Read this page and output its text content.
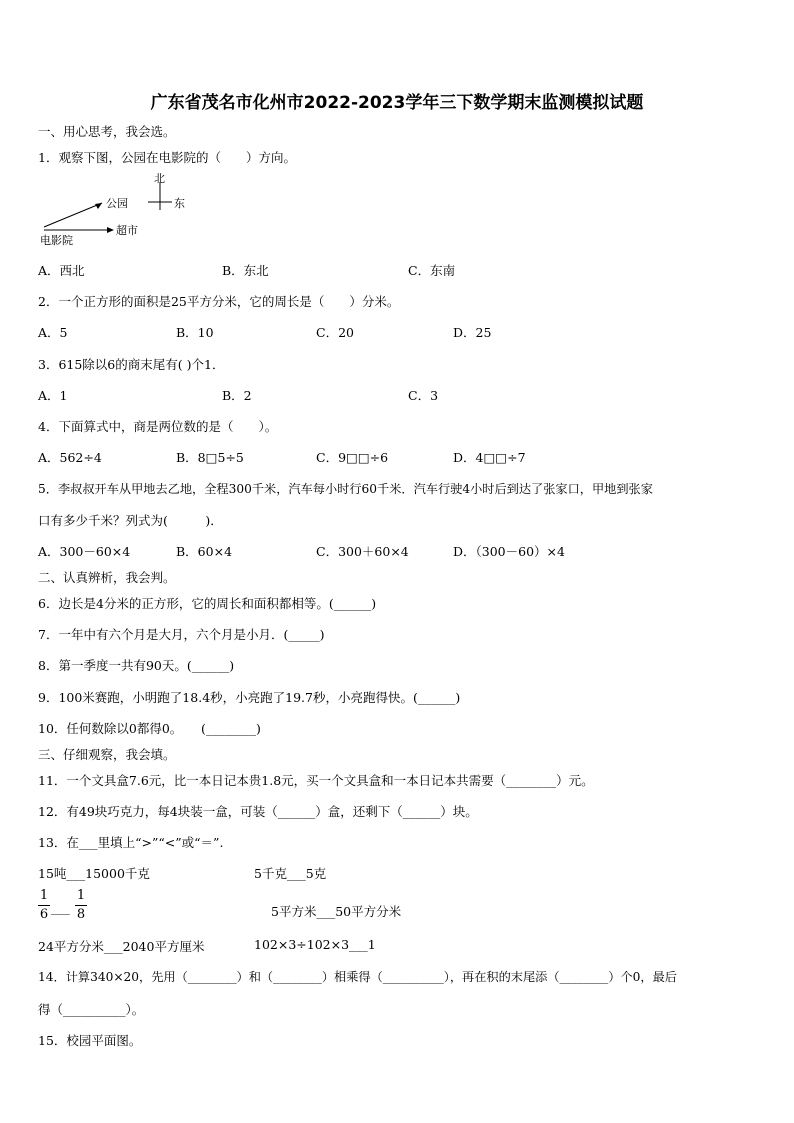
广东省茂名市化州市2022-2023学年三下数学期末监测模拟试题
一、用心思考，我会选。
1．观察下图，公园在电影院的（　　）方向。
北
东
公园
超市
电影院
A．西北	B．东北	C．东南
2．一个正方形的面积是25平方分米，它的周长是（　　）分米。
A．5	B．10	C．20	D．25
3．615除以6的商末尾有( )个1．
A．1	B．2	C．3
4．下面算式中，商是两位数的是（　　）。
A．562÷4	B．8□5÷5	C．9□□÷6	D．4□□÷7
5．李叔叔开车从甲地去乙地，全程300千米，汽车每小时行60千米．汽车行驶4小时后到达了张家口，甲地到张家
口有多少千米？列式为(　　　)．
A．300－60×4	B．60×4	C．300＋60×4	D．（300－60）×4
二、认真辨析，我会判。
6．边长是4分米的正方形，它的周长和面积都相等。(______)
7．一年中有六个月是大月，六个月是小月．(_____)
8．第一季度一共有90天。(______)
9．100米赛跑，小明跑了18.4秒，小亮跑了19.7秒，小亮跑得快。(______)
10．任何数除以0都得0。　　(________)
三、仔细观察，我会填。
11．一个文具盒7.6元，比一本日记本贵1.8元，买一个文具盒和一本日记本共需要（________）元。
12．有49块巧克力，每4块装一盒，可装（______）盒，还剩下（______）块。
13．在___里填上“>”“<”或“＝”.
15吨___15000千克	5千克___5克
1
6 ___
1
8	5平方米___50平方分米
24平方分米___2040平方厘米	102×3÷102×3___1
14．计算340×20，先用（________）和（________）相乘得（__________），再在积的末尾添（________）个0，最后
得（__________）。
15．校园平面图。
